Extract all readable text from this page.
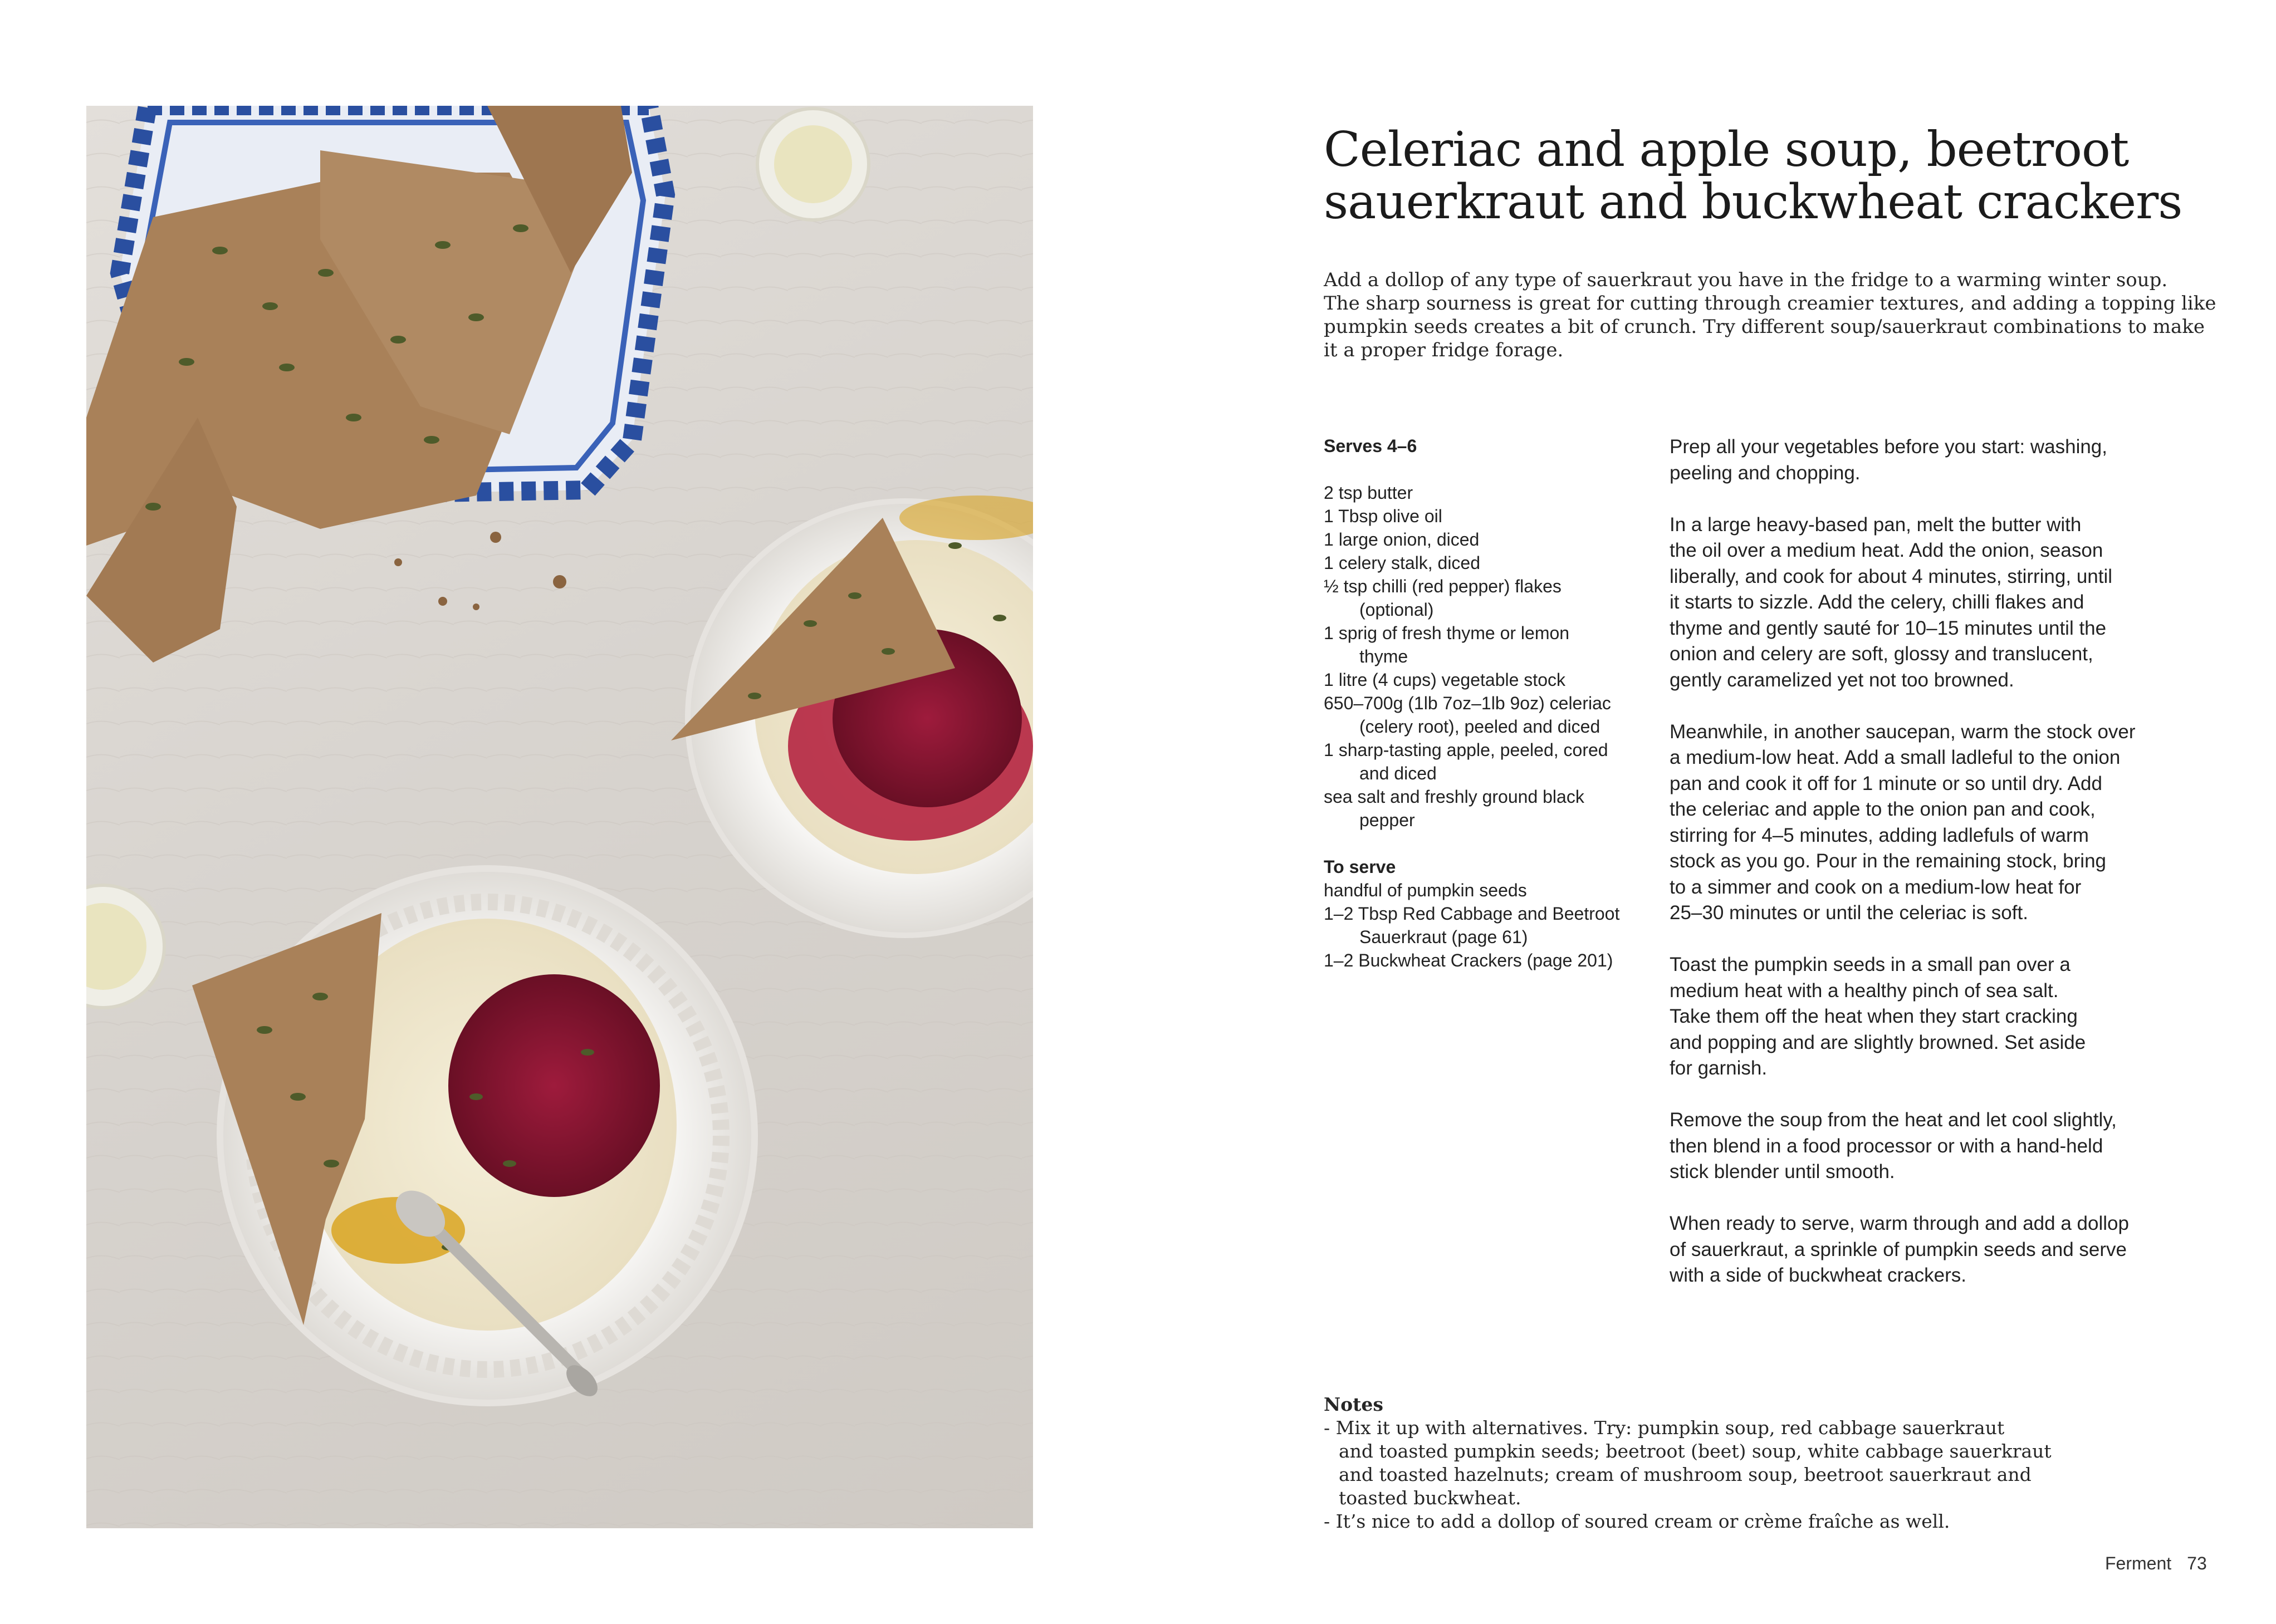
Celeriac and apple soup, beetroot
sauerkraut and buckwheat crackers
Add a dollop of any type of sauerkraut you have in the fridge to a warming winter soup.
The sharp sourness is great for cutting through creamier textures, and adding a topping like
pumpkin seeds creates a bit of crunch. Try different soup/sauerkraut combinations to make
it a proper fridge forage.
Serves 4–6
2 tsp butter
1 Tbsp olive oil
1 large onion, diced
1 celery stalk, diced
½ tsp chilli (red pepper) flakes
(optional)
1 sprig of fresh thyme or lemon
thyme
1 litre (4 cups) vegetable stock
650–700g (1lb 7oz–1lb 9oz) celeriac
(celery root), peeled and diced
1 sharp-tasting apple, peeled, cored
and diced
sea salt and freshly ground black
pepper
To serve
handful of pumpkin seeds
1–2 Tbsp Red Cabbage and Beetroot
Sauerkraut (page 61)
1–2 Buckwheat Crackers (page 201)
Prep all your vegetables before you start: washing,
peeling and chopping.
In a large heavy-based pan, melt the butter with
the oil over a medium heat. Add the onion, season
liberally, and cook for about 4 minutes, stirring, until
it starts to sizzle. Add the celery, chilli flakes and
thyme and gently sauté for 10–15 minutes until the
onion and celery are soft, glossy and translucent,
gently caramelized yet not too browned.
Meanwhile, in another saucepan, warm the stock over
a medium-low heat. Add a small ladleful to the onion
pan and cook it off for 1 minute or so until dry. Add
the celeriac and apple to the onion pan and cook,
stirring for 4–5 minutes, adding ladlefuls of warm
stock as you go. Pour in the remaining stock, bring
to a simmer and cook on a medium-low heat for
25–30 minutes or until the celeriac is soft.
Toast the pumpkin seeds in a small pan over a
medium heat with a healthy pinch of sea salt.
Take them off the heat when they start cracking
and popping and are slightly browned. Set aside
for garnish.
Remove the soup from the heat and let cool slightly,
then blend in a food processor or with a hand-held
stick blender until smooth.
When ready to serve, warm through and add a dollop
of sauerkraut, a sprinkle of pumpkin seeds and serve
with a side of buckwheat crackers.
Notes
- Mix it up with alternatives. Try: pumpkin soup, red cabbage sauerkraut
and toasted pumpkin seeds; beetroot (beet) soup, white cabbage sauerkraut
and toasted hazelnuts; cream of mushroom soup, beetroot sauerkraut and
toasted buckwheat.
- It’s nice to add a dollop of soured cream or crème fraîche as well.
Ferment 73
